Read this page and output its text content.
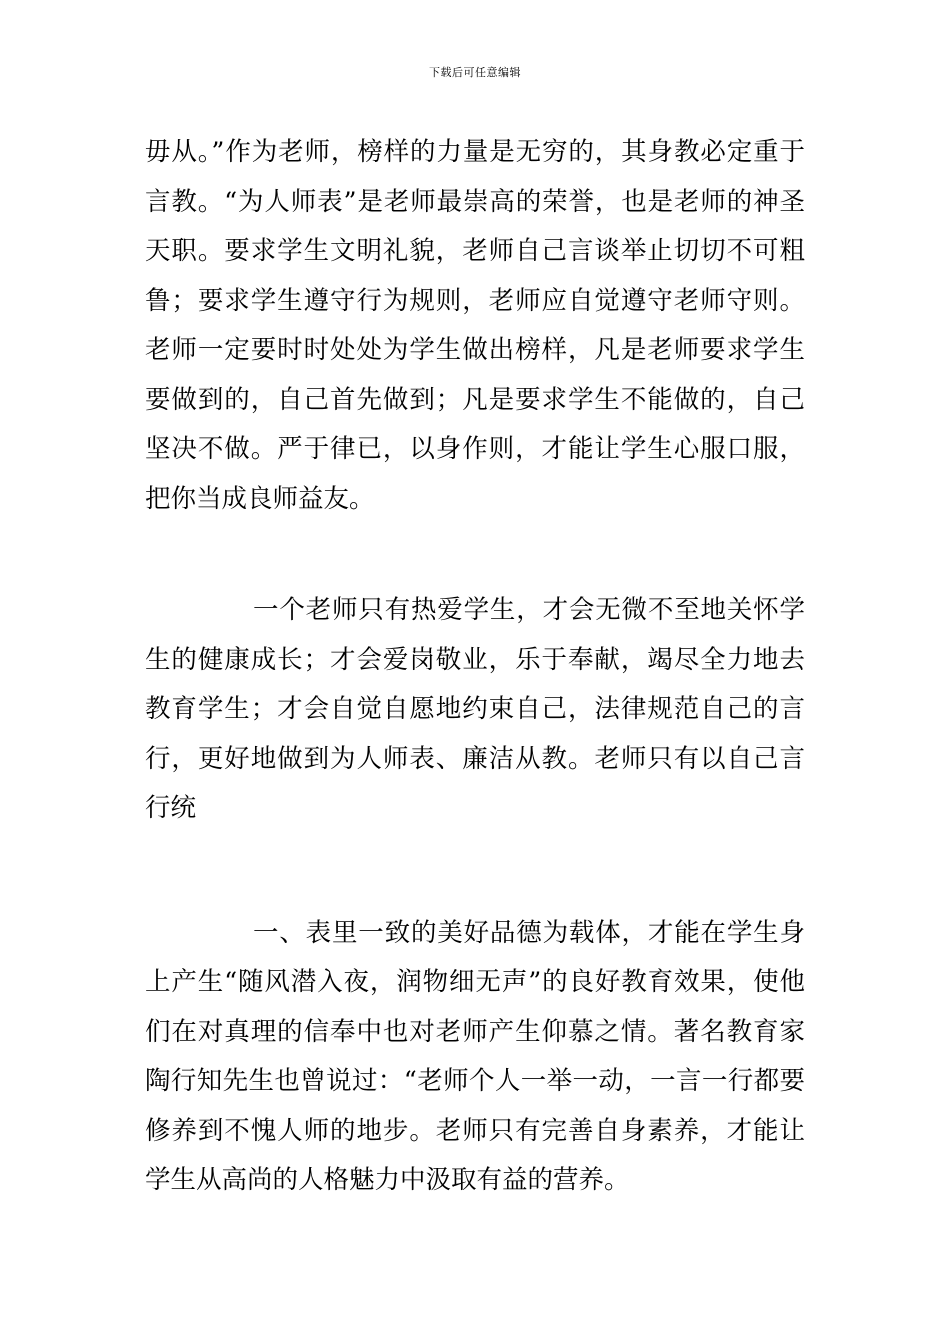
下载后可任意编辑

毋从。”作为老师，榜样的力量是无穷的，其身教必定重于言教。“为人师表”是老师最崇高的荣誉，也是老师的神圣天职。要求学生文明礼貌，老师自己言谈举止切切不可粗鲁；要求学生遵守行为规则，老师应自觉遵守老师守则。老师一定要时时处处为学生做出榜样，凡是老师要求学生要做到的，自己首先做到；凡是要求学生不能做的，自己坚决不做。严于律已，以身作则，才能让学生心服口服，把你当成良师益友。

一个老师只有热爱学生，才会无微不至地关怀学生的健康成长；才会爱岗敬业，乐于奉献，竭尽全力地去教育学生；才会自觉自愿地约束自己，法律规范自己的言行，更好地做到为人师表、廉洁从教。老师只有以自己言行统

一、表里一致的美好品德为载体，才能在学生身上产生“随风潜入夜，润物细无声”的良好教育效果，使他们在对真理的信奉中也对老师产生仰慕之情。著名教育家陶行知先生也曾说过：“老师个人一举一动，一言一行都要修养到不愧人师的地步。老师只有完善自身素养，才能让学生从高尚的人格魅力中汲取有益的营养。
